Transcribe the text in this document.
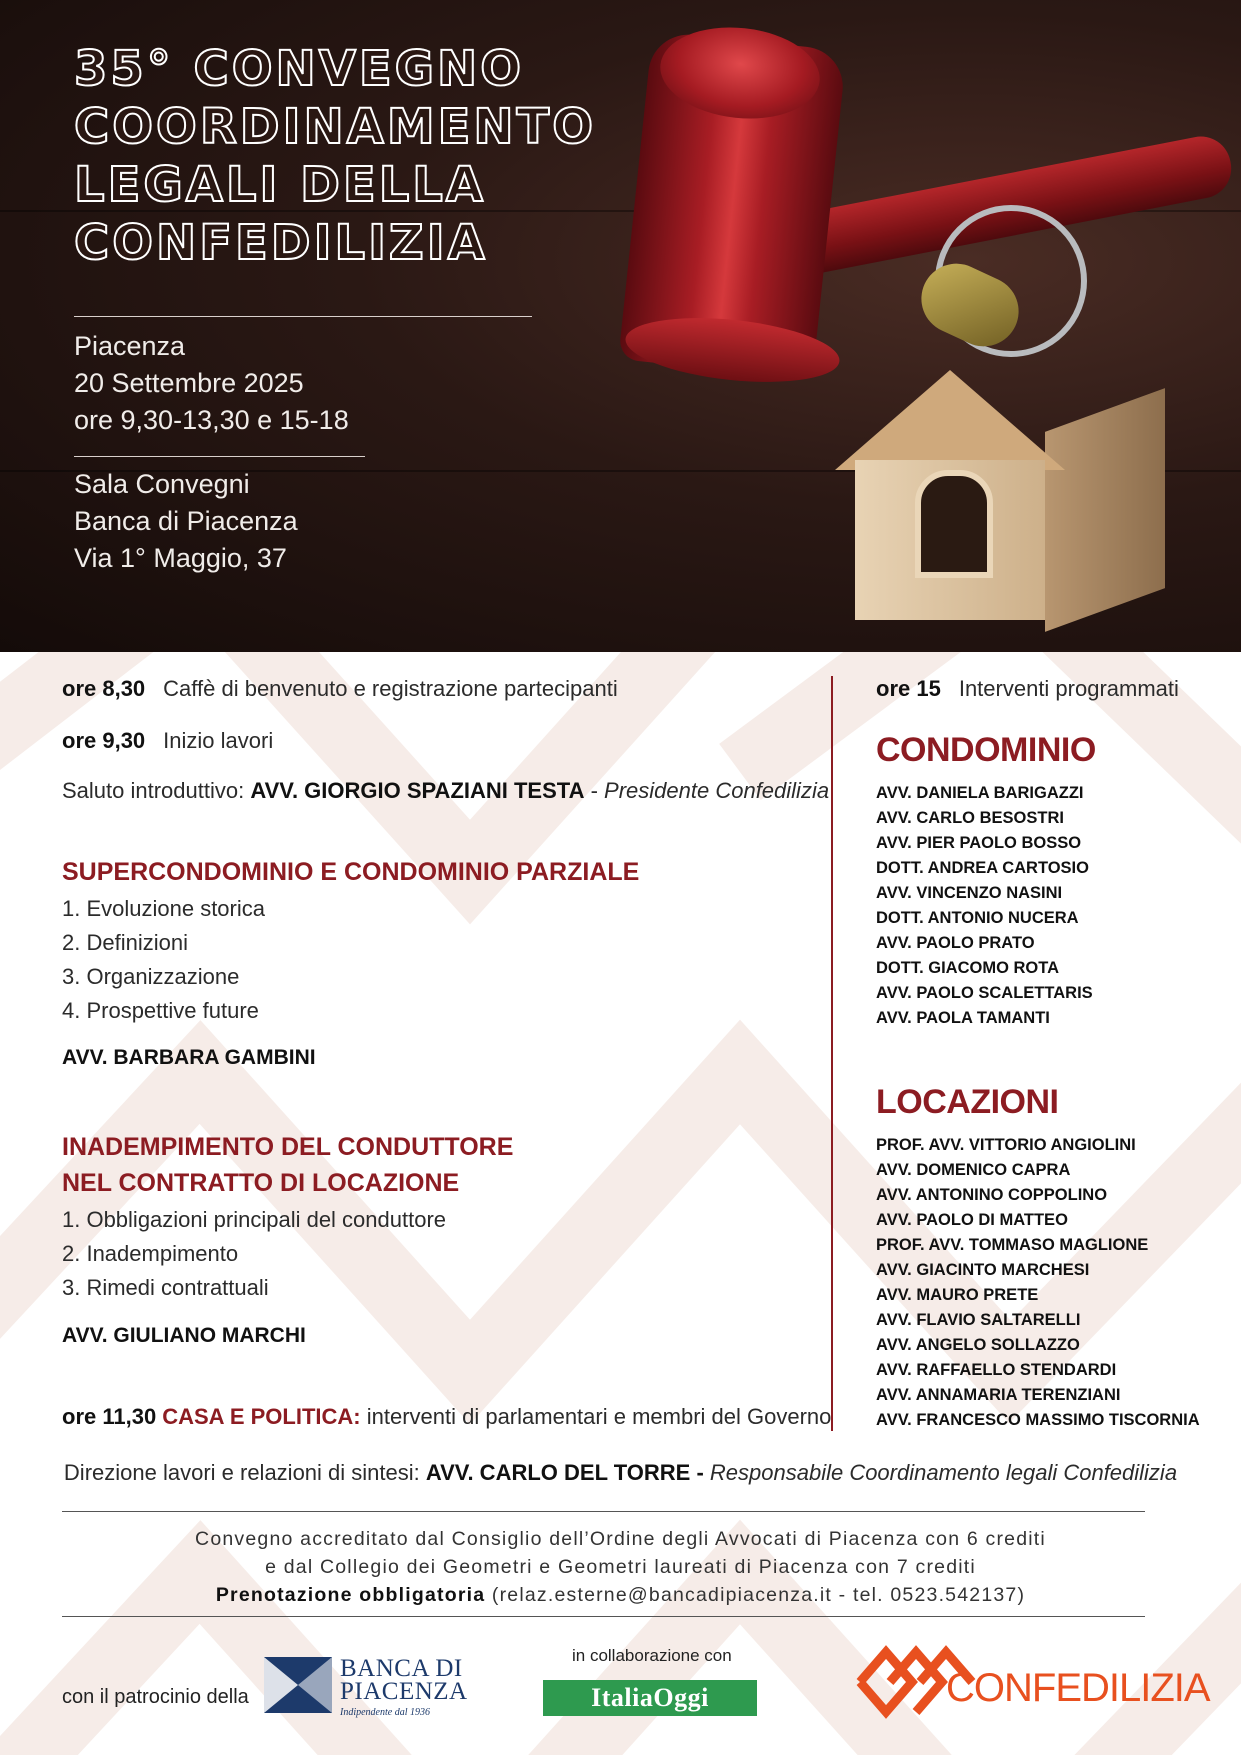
35° CONVEGNO
COORDINAMENTO
LEGALI DELLA
CONFEDILIZIA
Piacenza
20 Settembre 2025
ore 9,30-13,30 e 15-18
Sala Convegni
Banca di Piacenza
Via 1° Maggio, 37
ore 8,30 Caffè di benvenuto e registrazione partecipanti
ore 9,30 Inizio lavori
Saluto introduttivo: AVV. GIORGIO SPAZIANI TESTA - Presidente Confedilizia
SUPERCONDOMINIO E CONDOMINIO PARZIALE
1. Evoluzione storica
2. Definizioni
3. Organizzazione
4. Prospettive future
AVV. BARBARA GAMBINI
INADEMPIMENTO DEL CONDUTTORE
NEL CONTRATTO DI LOCAZIONE
1. Obbligazioni principali del conduttore
2. Inadempimento
3. Rimedi contrattuali
AVV. GIULIANO MARCHI
ore 11,30 CASA E POLITICA: interventi di parlamentari e membri del Governo
ore 15 Interventi programmati
CONDOMINIO
AVV. DANIELA BARIGAZZI
AVV. CARLO BESOSTRI
AVV. PIER PAOLO BOSSO
DOTT. ANDREA CARTOSIO
AVV. VINCENZO NASINI
DOTT. ANTONIO NUCERA
AVV. PAOLO PRATO
DOTT. GIACOMO ROTA
AVV. PAOLO SCALETTARIS
AVV. PAOLA TAMANTI
LOCAZIONI
PROF. AVV. VITTORIO ANGIOLINI
AVV. DOMENICO CAPRA
AVV. ANTONINO COPPOLINO
AVV. PAOLO DI MATTEO
PROF. AVV. TOMMASO MAGLIONE
AVV. GIACINTO MARCHESI
AVV. MAURO PRETE
AVV. FLAVIO SALTARELLI
AVV. ANGELO SOLLAZZO
AVV. RAFFAELLO STENDARDI
AVV. ANNAMARIA TERENZIANI
AVV. FRANCESCO MASSIMO TISCORNIA
Direzione lavori e relazioni di sintesi: AVV. CARLO DEL TORRE - Responsabile Coordinamento legali Confedilizia
Convegno accreditato dal Consiglio dell’Ordine degli Avvocati di Piacenza con 6 crediti
e dal Collegio dei Geometri e Geometri laureati di Piacenza con 7 crediti
Prenotazione obbligatoria (relaz.esterne@bancadipiacenza.it - tel. 0523.542137)
con il patrocinio della
BANCA DI
PIACENZA
Indipendente dal 1936
in collaborazione con
ItaliaOggi	CONFEDILIZIA
